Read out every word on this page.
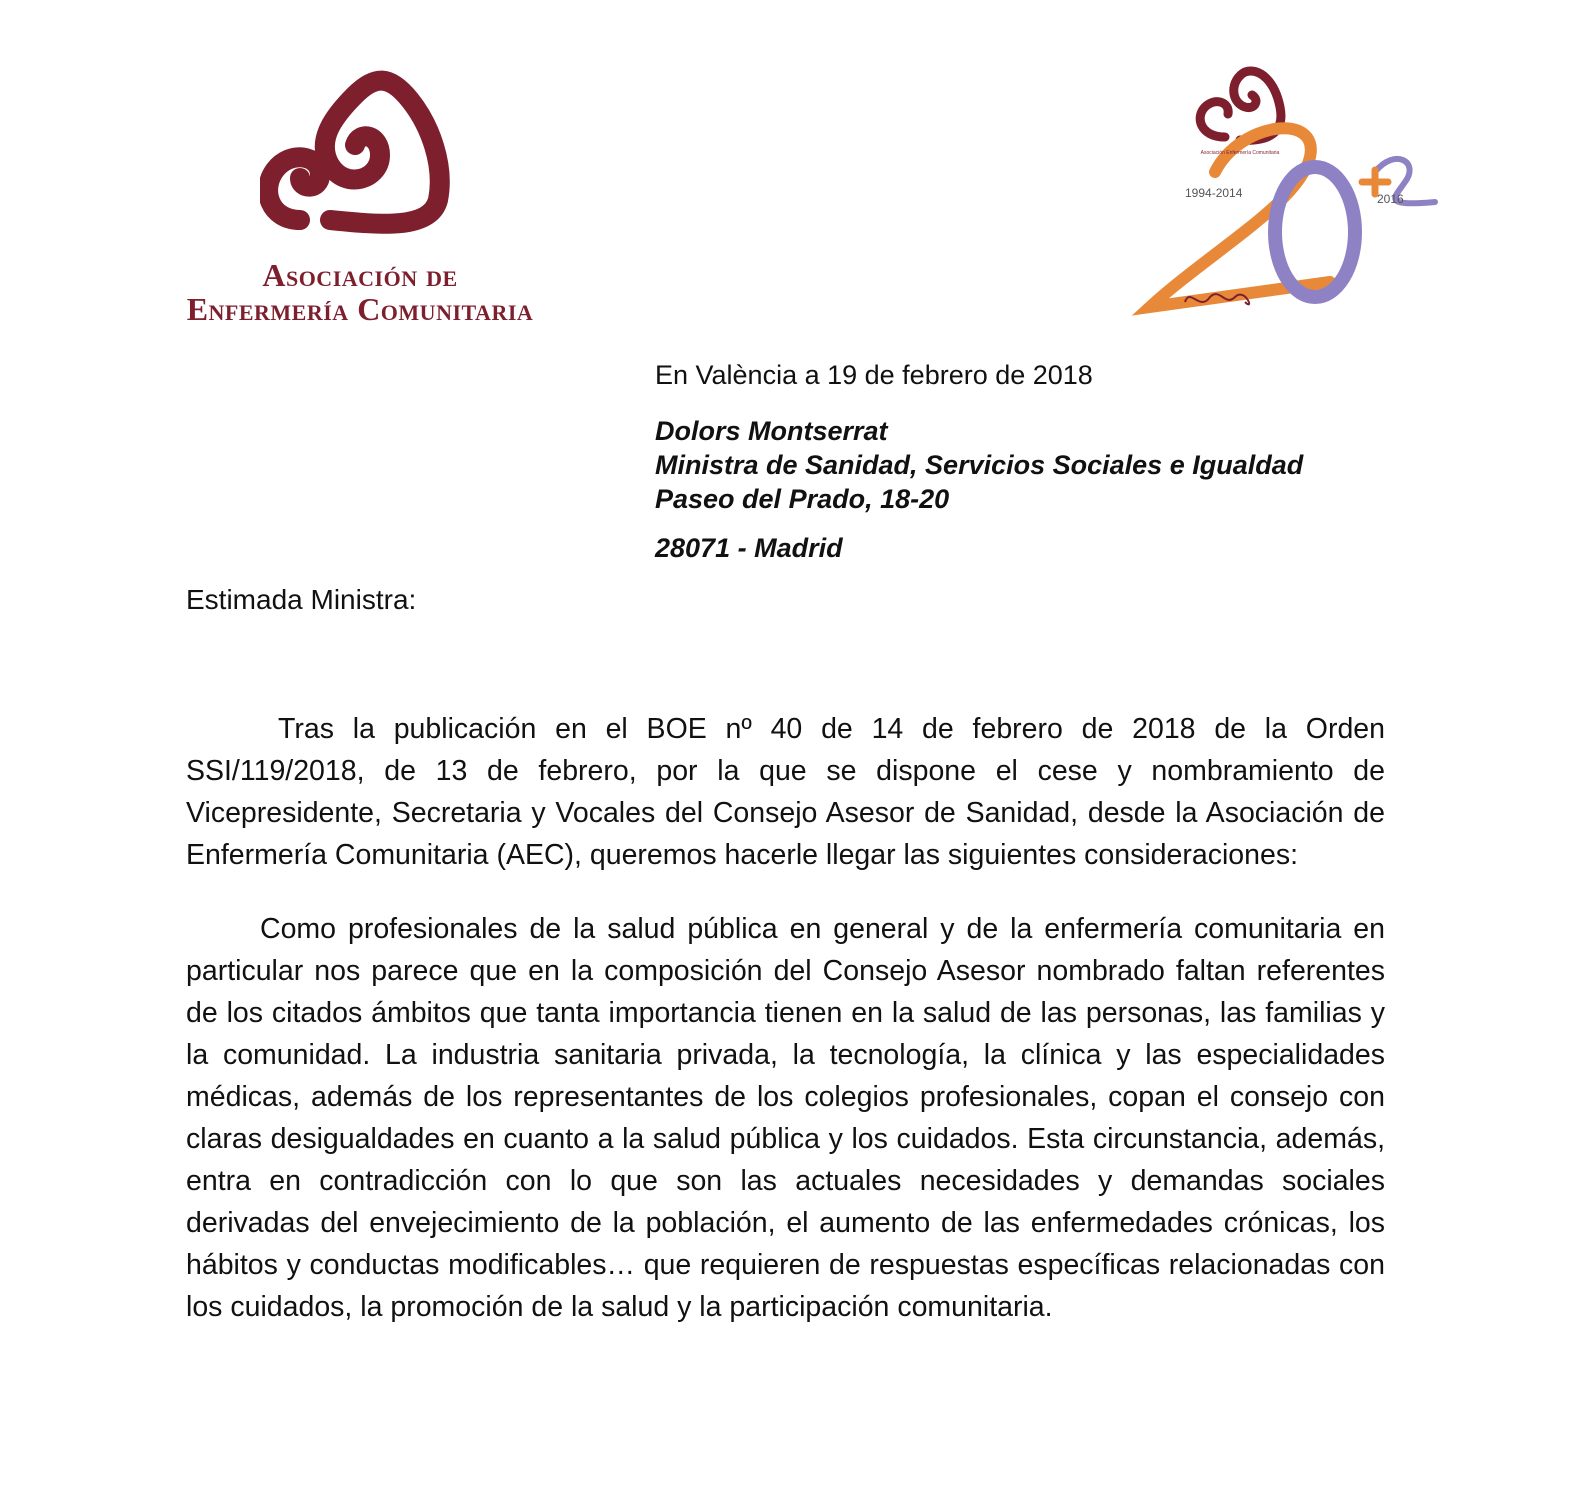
Asociación de
Enfermería Comunitaria
Asociación Enfermería Comunitaria
1994-2014	2016
En València a 19 de febrero de 2018
Dolors Montserrat
Ministra de Sanidad, Servicios Sociales e Igualdad
Paseo del Prado, 18-20
28071 - Madrid
Estimada Ministra:

Tras la publicación en el BOE nº 40 de 14 de febrero de 2018 de la Orden SSI/119/2018, de 13 de febrero, por la que se dispone el cese y nombramiento de Vicepresidente, Secretaria y Vocales del Consejo Asesor de Sanidad, desde la Asociación de Enfermería Comunitaria (AEC), queremos hacerle llegar las siguientes consideraciones:

Como profesionales de la salud pública en general y de la enfermería comunitaria en particular nos parece que en la composición del Consejo Asesor nombrado faltan referentes de los citados ámbitos que tanta importancia tienen en la salud de las personas, las familias y la comunidad. La industria sanitaria privada, la tecnología, la clínica y las especialidades médicas, además de los representantes de los colegios profesionales, copan el consejo con claras desigualdades en cuanto a la salud pública y los cuidados. Esta circunstancia, además, entra en contradicción con lo que son las actuales necesidades y demandas sociales derivadas del envejecimiento de la población, el aumento de las enfermedades crónicas, los hábitos y conductas modificables… que requieren de respuestas específicas relacionadas con los cuidados, la promoción de la salud y la participación comunitaria.
